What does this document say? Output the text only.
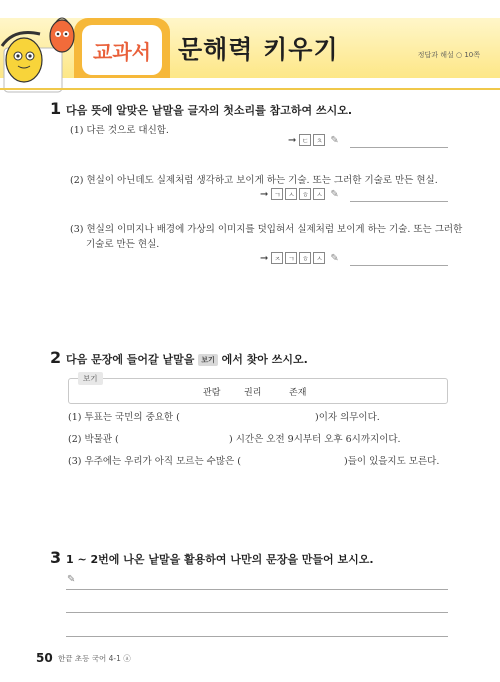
교과서	문해력 키우기	정답과 해설 ○ 10쪽
1 다음 뜻에 알맞은 낱말을 글자의 첫소리를 참고하여 쓰시오.
(1) 다른 것으로 대신함.
➞ ㄷ	ㅊ ✎
(2) 현실이 아닌데도 실제처럼 생각하고 보이게 하는 기술. 또는 그러한 기술로 만든 현실.
➞ ㄱ	ㅅ	ㅎ	ㅅ ✎
(3) 현실의 이미지나 배경에 가상의 이미지를 덧입혀서 실제처럼 보이게 하는 기술. 또는 그러한
기술로 만든 현실.
➞ ㅈ	ㄱ	ㅎ	ㅅ ✎
2 다음 문장에 들어갈 낱말을 보기 에서 찾아 쓰시오.
보기
관람	권리	존재
(1) 투표는 국민의 중요한 (	)이자 의무이다.
(2) 박물관 (	) 시간은 오전 9시부터 오후 6시까지이다.
(3) 우주에는 우리가 아직 모르는 수많은 (	)들이 있을지도 모른다.
3 1 ~ 2번에 나온 낱말을 활용하여 나만의 문장을 만들어 보시오.
✎
50 한끝 초등 국어 4-1 ⓐ
